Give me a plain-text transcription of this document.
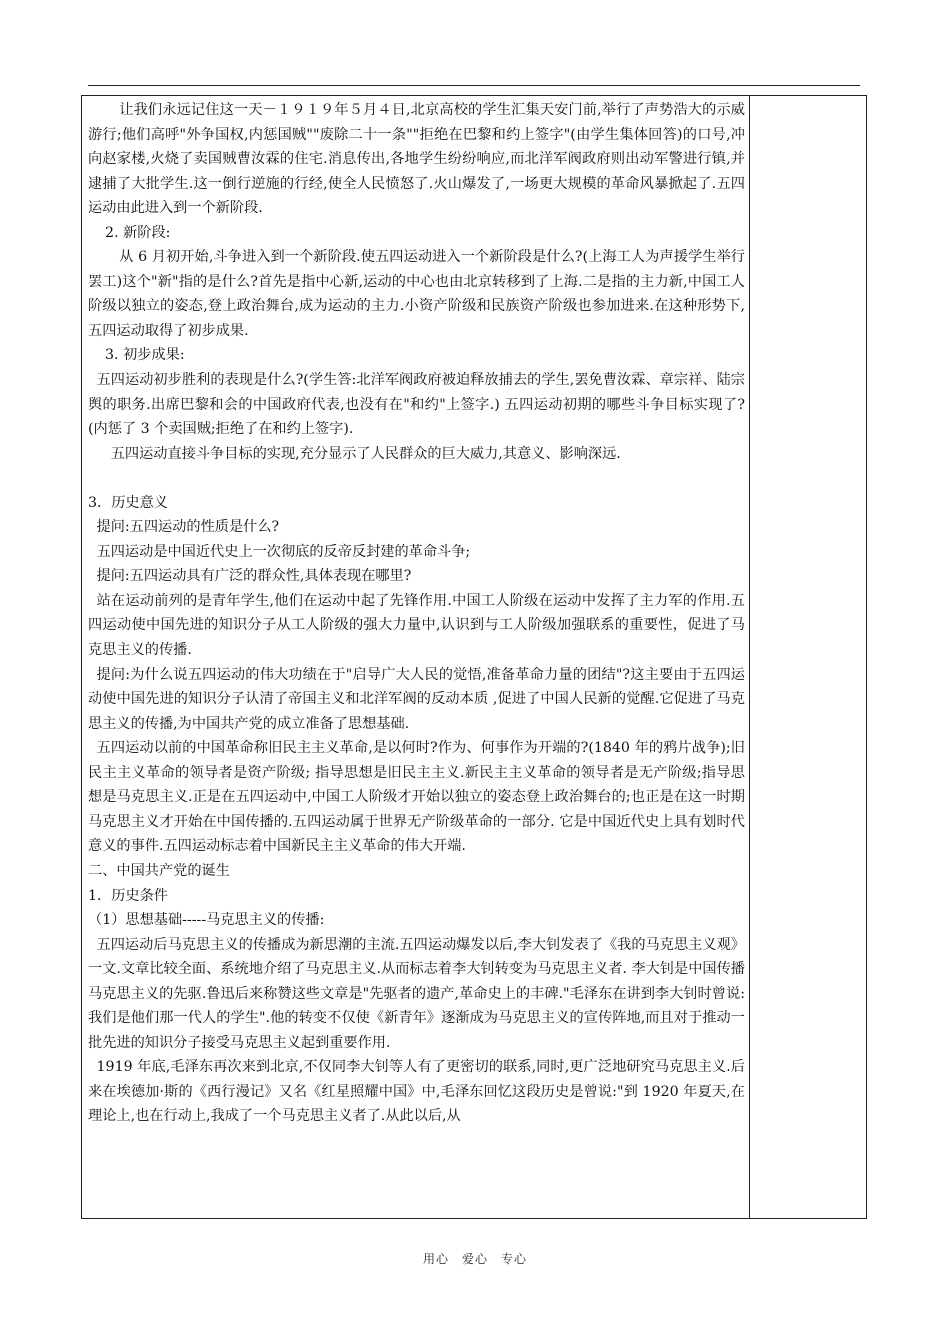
让我们永远记住这一天－１９１９年５月４日,北京高校的学生汇集天安门前,举行了声势浩大的示威游行;他们高呼"外争国权,内惩国贼""废除二十一条""拒绝在巴黎和约上签字"(由学生集体回答)的口号,冲向赵家楼,火烧了卖国贼曹汝霖的住宅.消息传出,各地学生纷纷响应,而北洋军阀政府则出动军警进行镇,并逮捕了大批学生.这一倒行逆施的行经,使全人民愤怒了.火山爆发了,一场更大规模的革命风暴掀起了.五四运动由此进入到一个新阶段.

2. 新阶段:

从 6 月初开始,斗争进入到一个新阶段.使五四运动进入一个新阶段是什么?(上海工人为声援学生举行罢工)这个"新"指的是什么?首先是指中心新,运动的中心也由北京转移到了上海.二是指的主力新,中国工人阶级以独立的姿态,登上政治舞台,成为运动的主力.小资产阶级和民族资产阶级也参加进来.在这种形势下,五四运动取得了初步成果.

3. 初步成果:

五四运动初步胜利的表现是什么?(学生答:北洋军阀政府被迫释放捕去的学生,罢免曹汝霖、章宗祥、陆宗舆的职务.出席巴黎和会的中国政府代表,也没有在"和约"上签字.) 五四运动初期的哪些斗争目标实现了?(内惩了 3 个卖国贼;拒绝了在和约上签字).

五四运动直接斗争目标的实现,充分显示了人民群众的巨大威力,其意义、影响深远.

3．历史意义

提问:五四运动的性质是什么?

五四运动是中国近代史上一次彻底的反帝反封建的革命斗争;

提问:五四运动具有广泛的群众性,具体表现在哪里?

站在运动前列的是青年学生,他们在运动中起了先锋作用.中国工人阶级在运动中发挥了主力军的作用.五四运动使中国先进的知识分子从工人阶级的强大力量中,认识到与工人阶级加强联系的重要性，促进了马克思主义的传播.

提问:为什么说五四运动的伟大功绩在于"启导广大人民的觉悟,准备革命力量的团结"?这主要由于五四运动使中国先进的知识分子认清了帝国主义和北洋军阀的反动本质 ,促进了中国人民新的觉醒.它促进了马克思主义的传播,为中国共产党的成立准备了思想基础.

五四运动以前的中国革命称旧民主主义革命,是以何时?作为、何事作为开端的?(1840 年的鸦片战争);旧民主主义革命的领导者是资产阶级; 指导思想是旧民主主义.新民主主义革命的领导者是无产阶级;指导思想是马克思主义.正是在五四运动中,中国工人阶级才开始以独立的姿态登上政治舞台的;也正是在这一时期马克思主义才开始在中国传播的.五四运动属于世界无产阶级革命的一部分. 它是中国近代史上具有划时代意义的事件.五四运动标志着中国新民主主义革命的伟大开端.

二、中国共产党的诞生

1．历史条件

（1）思想基础-----马克思主义的传播:

五四运动后马克思主义的传播成为新思潮的主流.五四运动爆发以后,李大钊发表了《我的马克思主义观》一文.文章比较全面、系统地介绍了马克思主义.从而标志着李大钊转变为马克思主义者. 李大钊是中国传播马克思主义的先驱.鲁迅后来称赞这些文章是"先驱者的遗产,革命史上的丰碑."毛泽东在讲到李大钊时曾说:我们是他们那一代人的学生".他的转变不仅使《新青年》逐渐成为马克思主义的宣传阵地,而且对于推动一批先进的知识分子接受马克思主义起到重要作用.

1919 年底,毛泽东再次来到北京,不仅同李大钊等人有了更密切的联系,同时,更广泛地研究马克思主义.后来在埃德加·斯的《西行漫记》又名《红星照耀中国》中,毛泽东回忆这段历史是曾说:"到 1920 年夏天,在理论上,也在行动上,我成了一个马克思主义者了.从此以后,从

用心　爱心　专心
